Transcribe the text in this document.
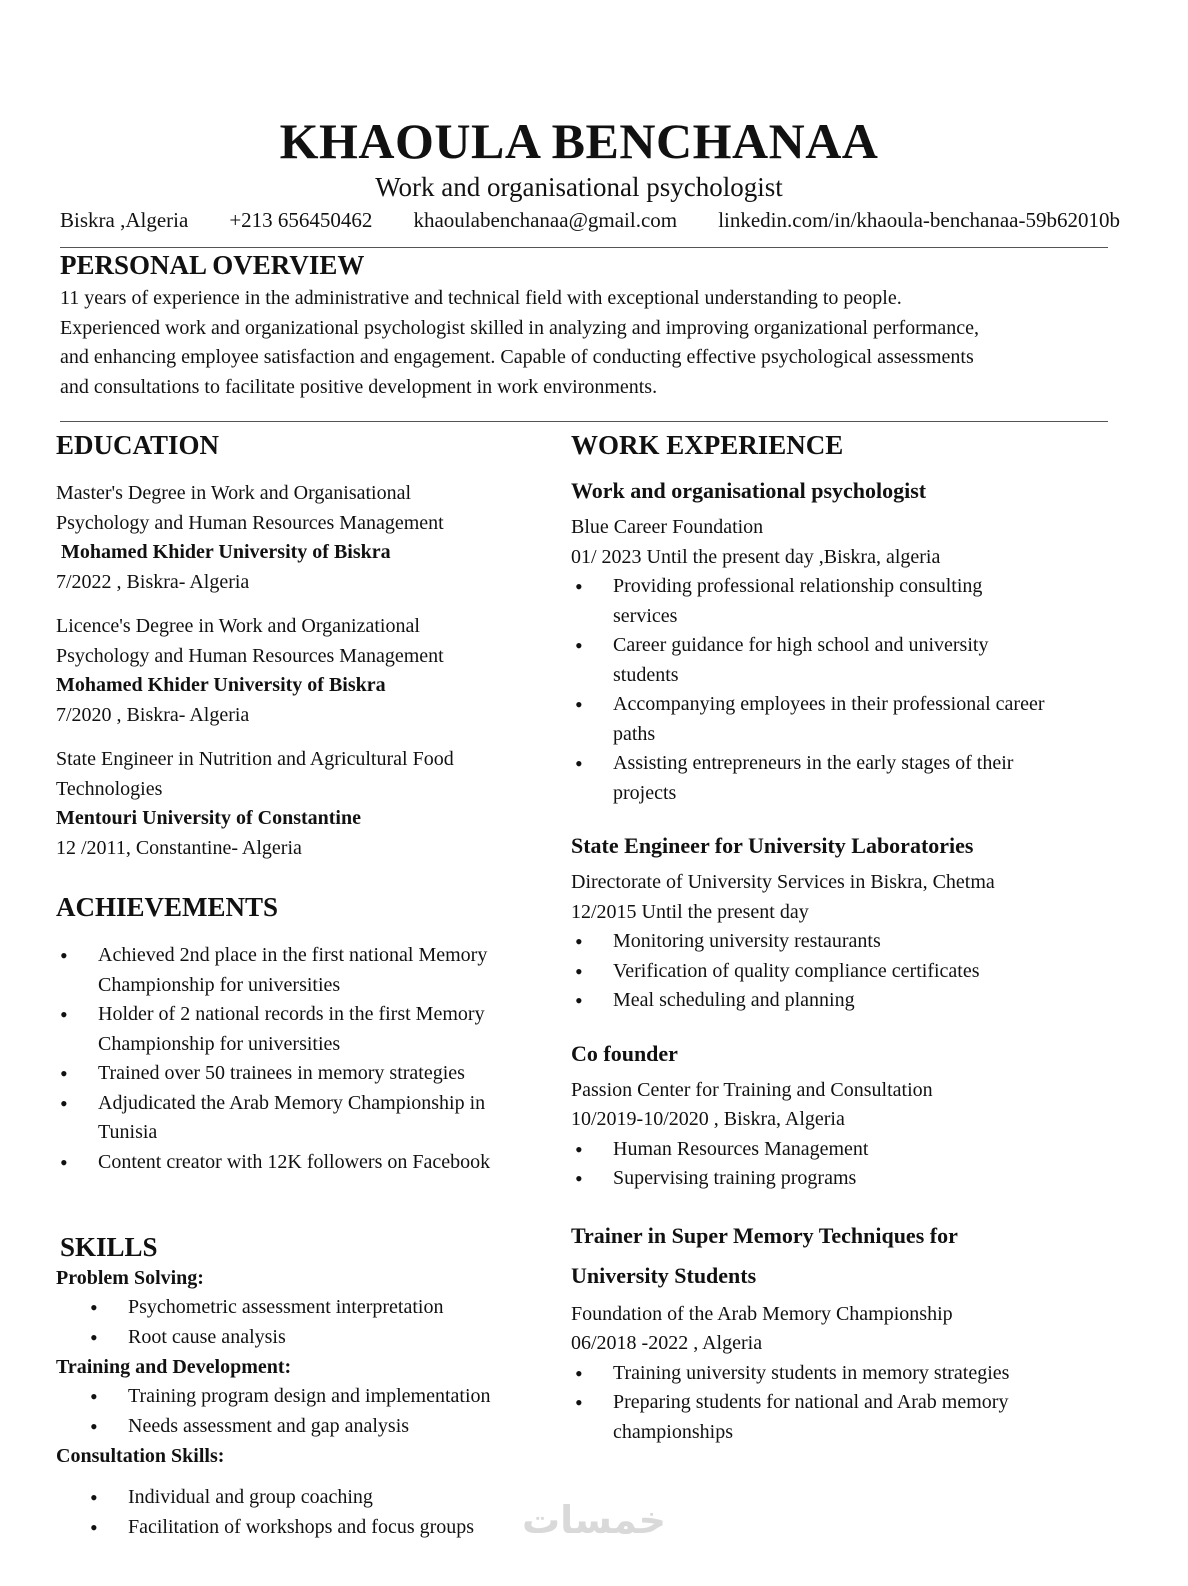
KHAOULA BENCHANAA
Work and organisational psychologist
Biskra ,Algeria +213 656450462 khaoulabenchanaa@gmail.com linkedin.com/in/khaoula-benchanaa-59b62010b
PERSONAL OVERVIEW
11 years of experience in the administrative and technical field with exceptional understanding to people.
Experienced work and organizational psychologist skilled in analyzing and improving organizational performance,
and enhancing employee satisfaction and engagement. Capable of conducting effective psychological assessments
and consultations to facilitate positive development in work environments.
EDUCATION
Master's Degree in Work and Organisational
Psychology and Human Resources Management
Mohamed Khider University of Biskra
7/2022 , Biskra- Algeria
Licence's Degree in Work and Organizational
Psychology and Human Resources Management
Mohamed Khider University of Biskra
7/2020 , Biskra- Algeria
State Engineer in Nutrition and Agricultural Food
Technologies
Mentouri University of Constantine
12 /2011, Constantine- Algeria
ACHIEVEMENTS
• Achieved 2nd place in the first national Memory
Championship for universities
• Holder of 2 national records in the first Memory
Championship for universities
• Trained over 50 trainees in memory strategies
• Adjudicated the Arab Memory Championship in
Tunisia
• Content creator with 12K followers on Facebook
SKILLS
Problem Solving:
• Psychometric assessment interpretation
• Root cause analysis
Training and Development:
• Training program design and implementation
• Needs assessment and gap analysis
Consultation Skills:
• Individual and group coaching
• Facilitation of workshops and focus groups
WORK EXPERIENCE
Work and organisational psychologist
Blue Career Foundation
01/ 2023 Until the present day ,Biskra, algeria
• Providing professional relationship consulting
services
• Career guidance for high school and university
students
• Accompanying employees in their professional career
paths
• Assisting entrepreneurs in the early stages of their
projects
State Engineer for University Laboratories
Directorate of University Services in Biskra, Chetma
12/2015 Until the present day
• Monitoring university restaurants
• Verification of quality compliance certificates
• Meal scheduling and planning
Co founder
Passion Center for Training and Consultation
10/2019-10/2020 , Biskra, Algeria
• Human Resources Management
• Supervising training programs
Trainer in Super Memory Techniques for
University Students
Foundation of the Arab Memory Championship
06/2018 -2022 , Algeria
• Training university students in memory strategies
• Preparing students for national and Arab memory
championships
خمسات
